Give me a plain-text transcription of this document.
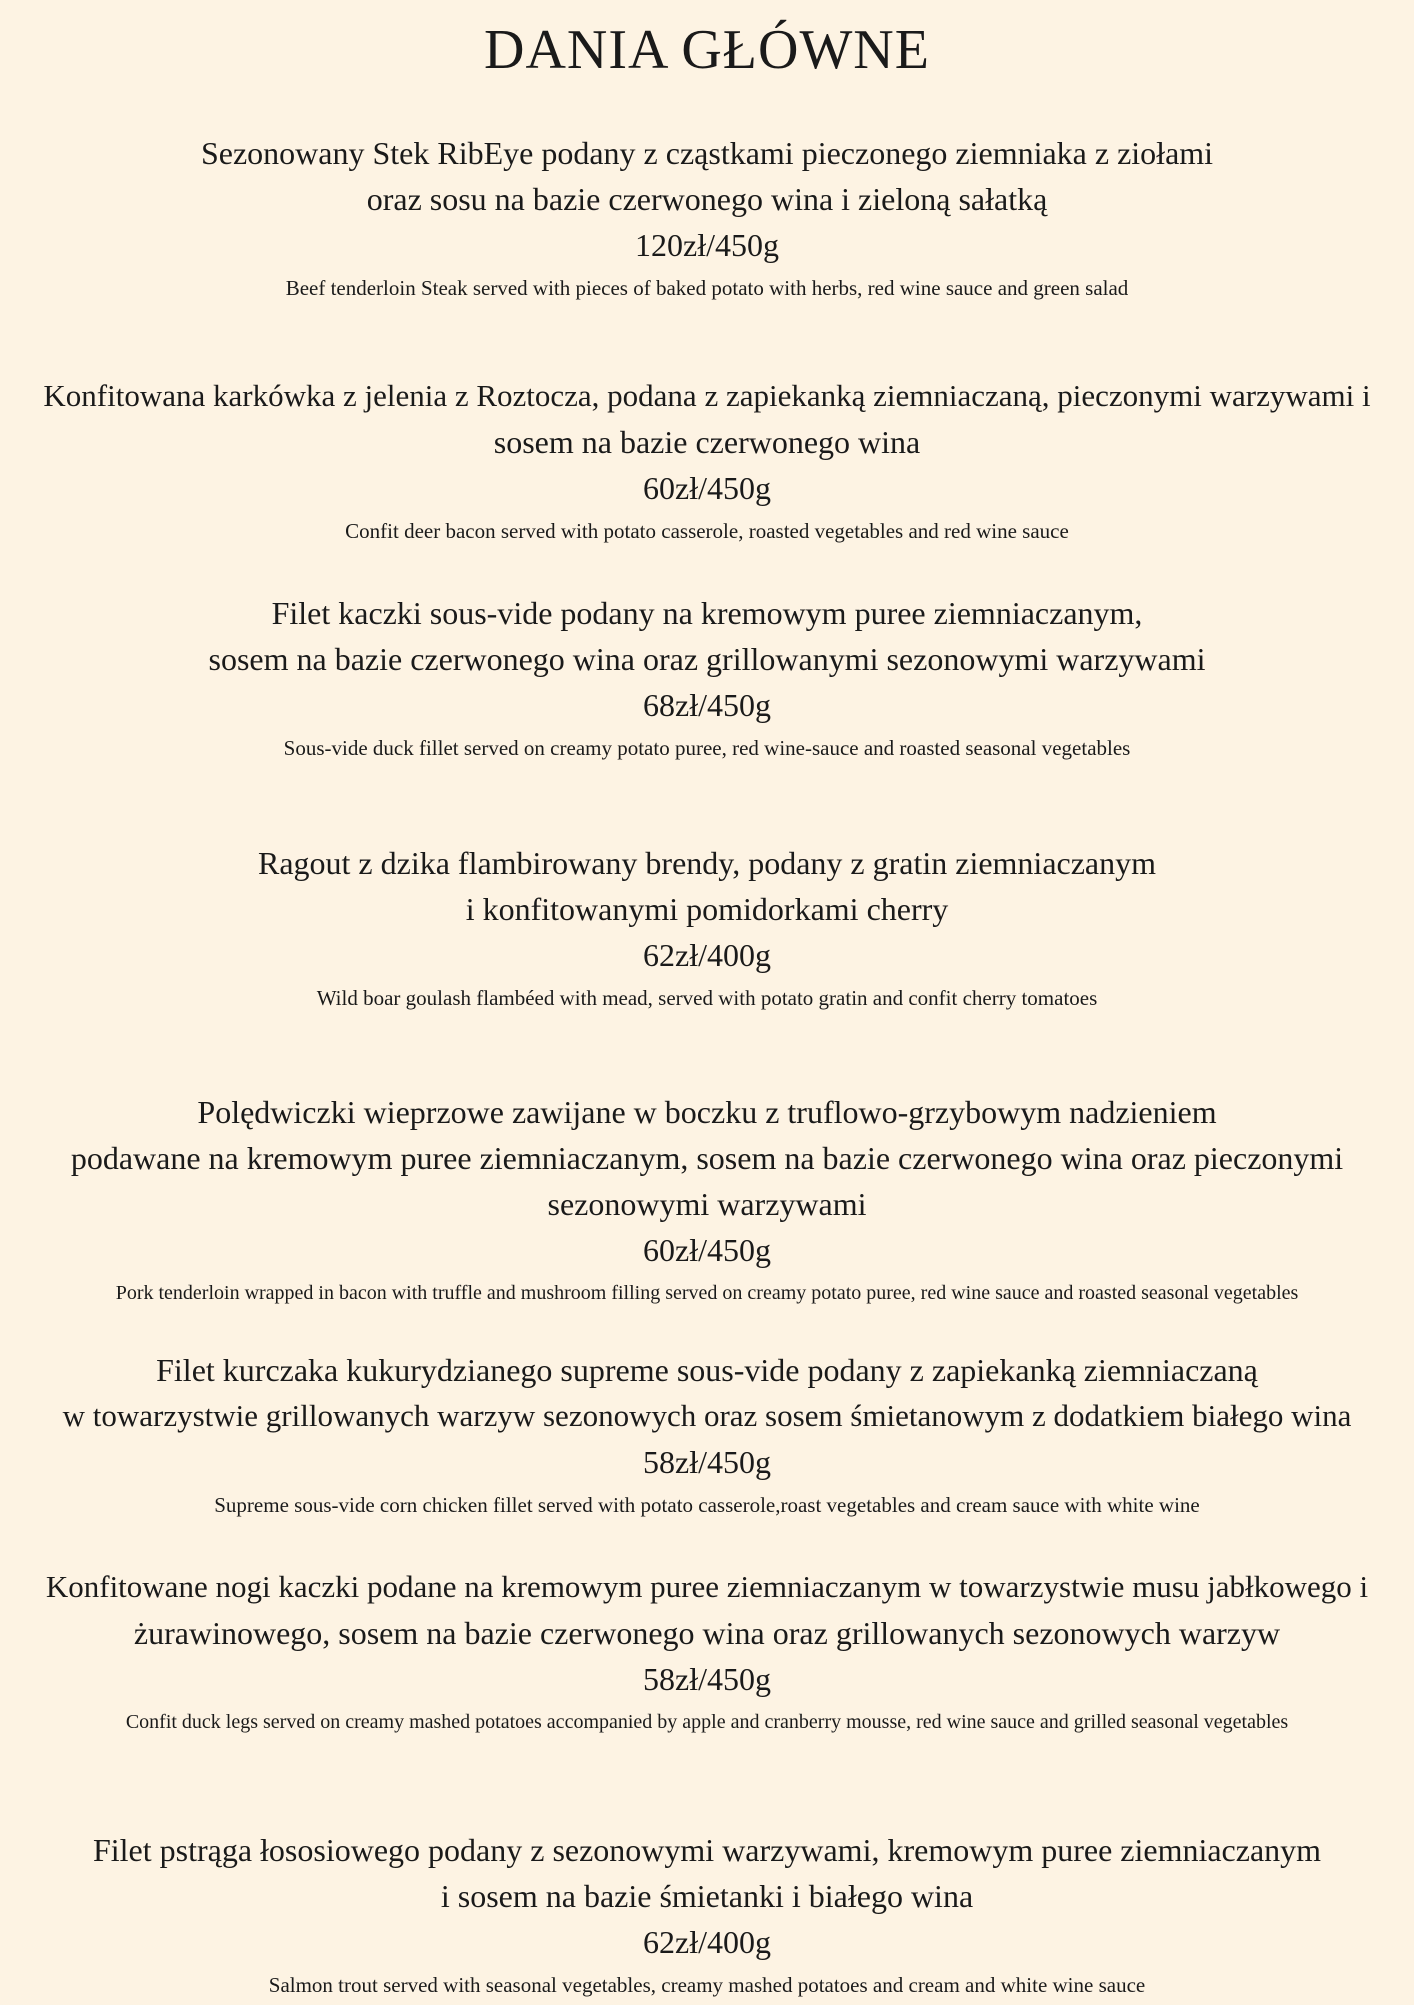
DANIA GŁÓWNE
Sezonowany Stek RibEye podany z cząstkami pieczonego ziemniaka z ziołami
oraz sosu na bazie czerwonego wina i zieloną sałatką
120zł/450g
Beef tenderloin Steak served with pieces of baked potato with herbs, red wine sauce and green salad
Konfitowana karkówka z jelenia z Roztocza, podana z zapiekanką ziemniaczaną, pieczonymi warzywami i
sosem na bazie czerwonego wina
60zł/450g
Confit deer bacon served with potato casserole, roasted vegetables and red wine sauce
Filet kaczki sous-vide podany na kremowym puree ziemniaczanym,
sosem na bazie czerwonego wina oraz grillowanymi sezonowymi warzywami
68zł/450g
Sous-vide duck fillet served on creamy potato puree, red wine-sauce and roasted seasonal vegetables
Ragout z dzika flambirowany brendy, podany z gratin ziemniaczanym
i konfitowanymi pomidorkami cherry
62zł/400g
Wild boar goulash flambéed with mead, served with potato gratin and confit cherry tomatoes
Polędwiczki wieprzowe zawijane w boczku z truflowo-grzybowym nadzieniem
podawane na kremowym puree ziemniaczanym, sosem na bazie czerwonego wina oraz pieczonymi
sezonowymi warzywami
60zł/450g
Pork tenderloin wrapped in bacon with truffle and mushroom filling served on creamy potato puree, red wine sauce and roasted seasonal vegetables
Filet kurczaka kukurydzianego supreme sous-vide podany z zapiekanką ziemniaczaną
w towarzystwie grillowanych warzyw sezonowych oraz sosem śmietanowym z dodatkiem białego wina
58zł/450g
Supreme sous-vide corn chicken fillet served with potato casserole,roast vegetables and cream sauce with white wine
Konfitowane nogi kaczki podane na kremowym puree ziemniaczanym w towarzystwie musu jabłkowego i
żurawinowego, sosem na bazie czerwonego wina oraz grillowanych sezonowych warzyw
58zł/450g
Confit duck legs served on creamy mashed potatoes accompanied by apple and cranberry mousse, red wine sauce and grilled seasonal vegetables
Filet pstrąga łososiowego podany z sezonowymi warzywami, kremowym puree ziemniaczanym
i sosem na bazie śmietanki i białego wina
62zł/400g
Salmon trout served with seasonal vegetables, creamy mashed potatoes and cream and white wine sauce
